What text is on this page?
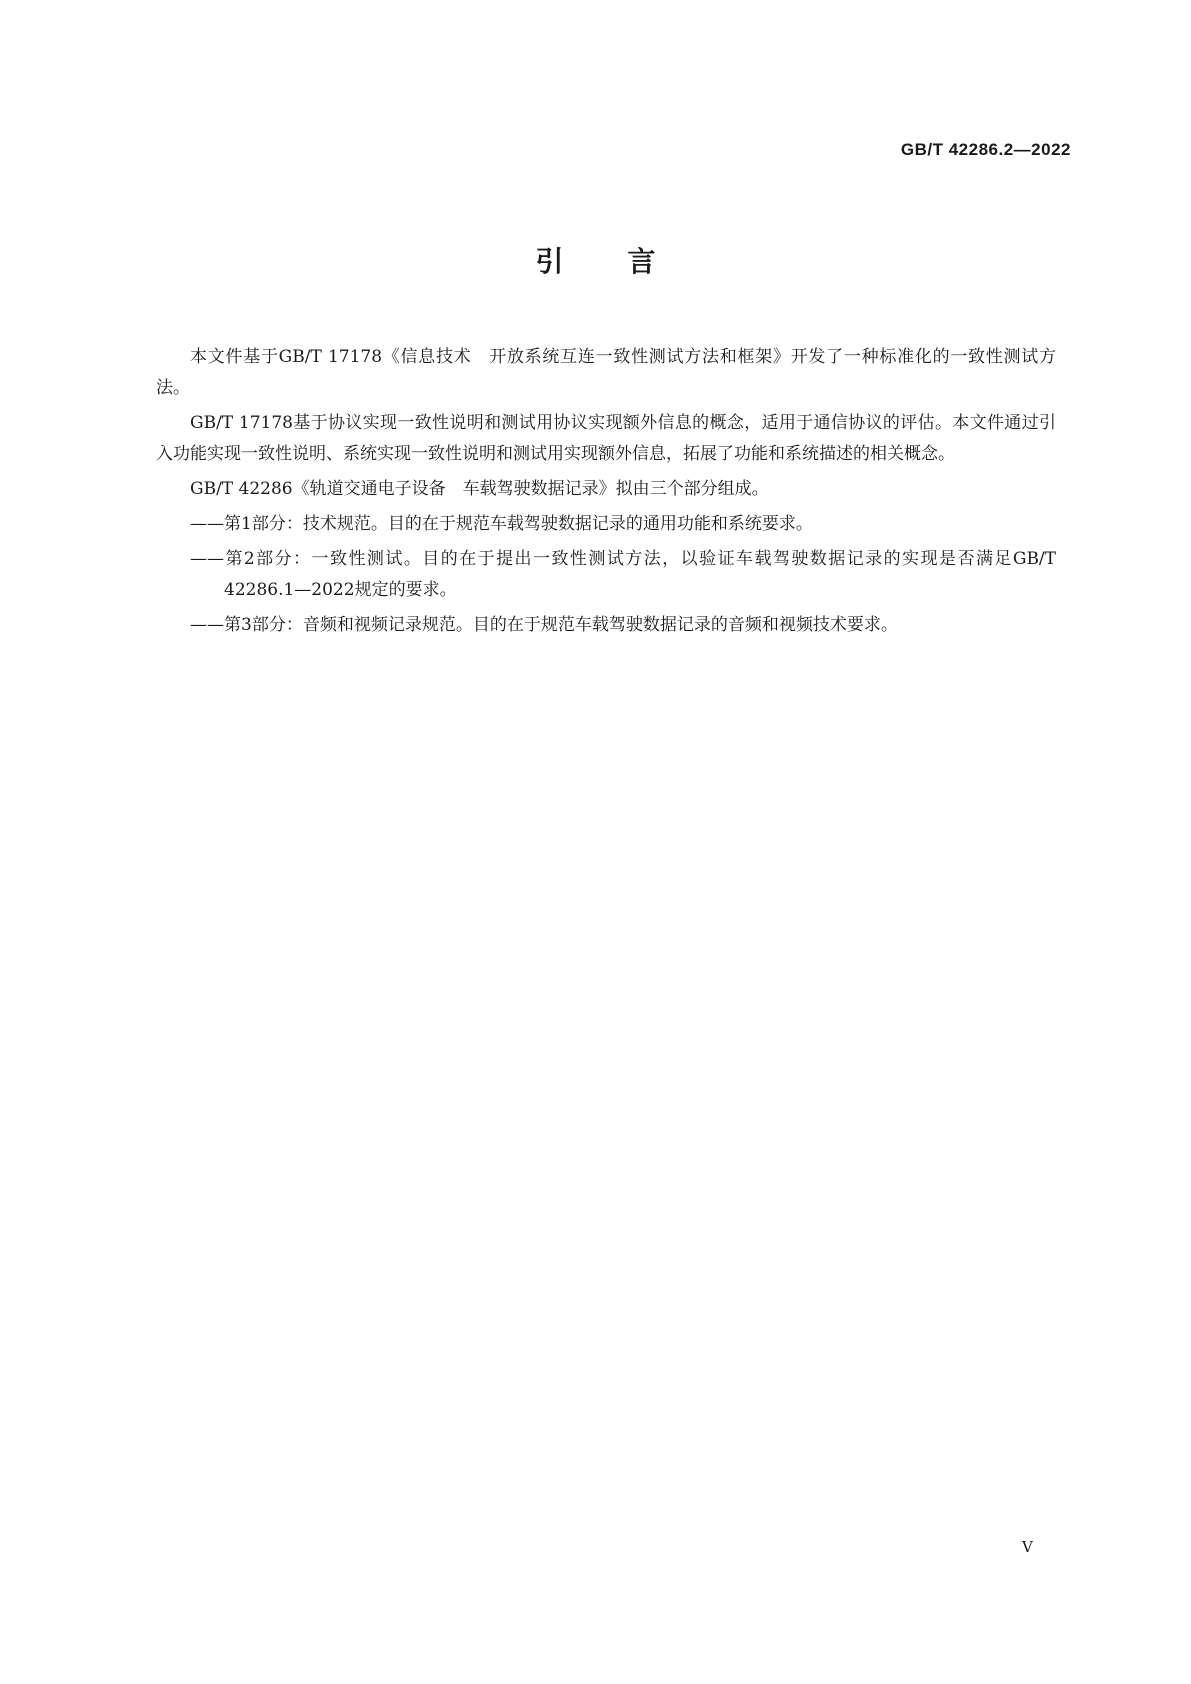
GB/T 42286.2—2022
引言

本文件基于GB/T 17178《信息技术　开放系统互连一致性测试方法和框架》开发了一种标准化的一致性测试方法。

GB/T 17178基于协议实现一致性说明和测试用协议实现额外信息的概念，适用于通信协议的评估。本文件通过引入功能实现一致性说明、系统实现一致性说明和测试用实现额外信息，拓展了功能和系统描述的相关概念。

GB/T 42286《轨道交通电子设备　车载驾驶数据记录》拟由三个部分组成。

——第1部分：技术规范。目的在于规范车载驾驶数据记录的通用功能和系统要求。

——第2部分：一致性测试。目的在于提出一致性测试方法，以验证车载驾驶数据记录的实现是否满足GB/T 42286.1—2022规定的要求。

——第3部分：音频和视频记录规范。目的在于规范车载驾驶数据记录的音频和视频技术要求。

V
